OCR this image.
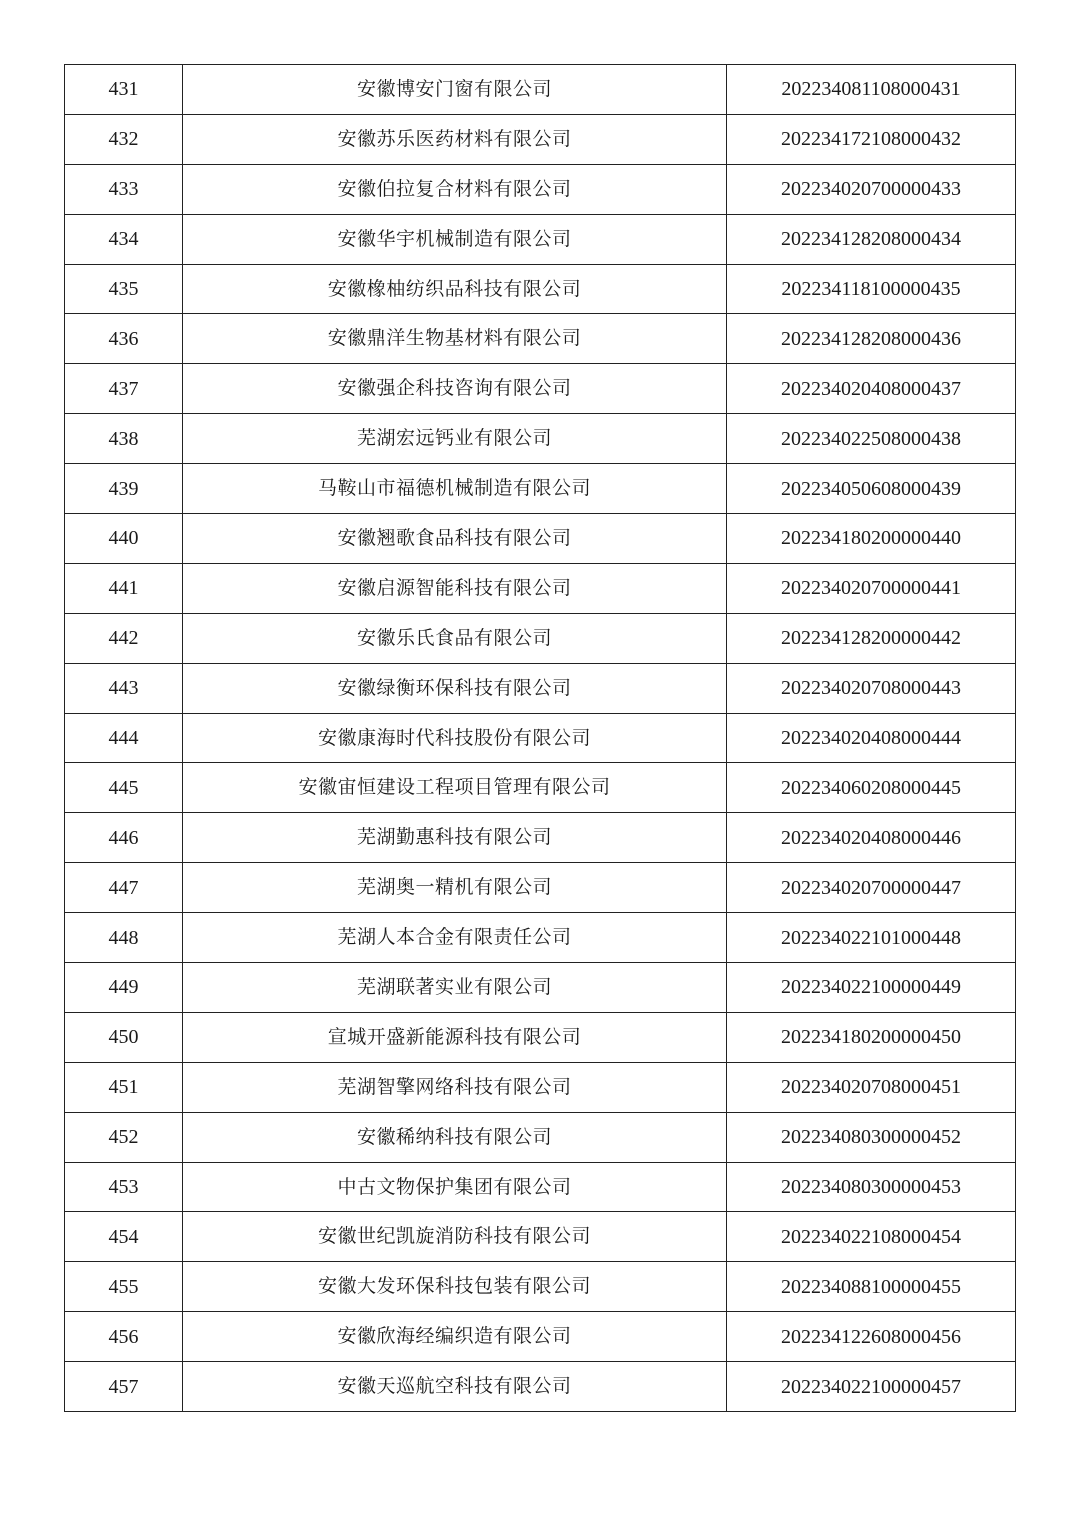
431	安徽博安门窗有限公司	202234081108000431
432	安徽苏乐医药材料有限公司	202234172108000432
433	安徽伯拉复合材料有限公司	202234020700000433
434	安徽华宇机械制造有限公司	202234128208000434
435	安徽橡柚纺织品科技有限公司	202234118100000435
436	安徽鼎洋生物基材料有限公司	202234128208000436
437	安徽强企科技咨询有限公司	202234020408000437
438	芜湖宏远钙业有限公司	202234022508000438
439	马鞍山市福德机械制造有限公司	202234050608000439
440	安徽翘歌食品科技有限公司	202234180200000440
441	安徽启源智能科技有限公司	202234020700000441
442	安徽乐氏食品有限公司	202234128200000442
443	安徽绿衡环保科技有限公司	202234020708000443
444	安徽康海时代科技股份有限公司	202234020408000444
445	安徽宙恒建设工程项目管理有限公司	202234060208000445
446	芜湖勤惠科技有限公司	202234020408000446
447	芜湖奥一精机有限公司	202234020700000447
448	芜湖人本合金有限责任公司	202234022101000448
449	芜湖联著实业有限公司	202234022100000449
450	宣城开盛新能源科技有限公司	202234180200000450
451	芜湖智擎网络科技有限公司	202234020708000451
452	安徽稀纳科技有限公司	202234080300000452
453	中古文物保护集团有限公司	202234080300000453
454	安徽世纪凯旋消防科技有限公司	202234022108000454
455	安徽大发环保科技包装有限公司	202234088100000455
456	安徽欣海经编织造有限公司	202234122608000456
457	安徽天巡航空科技有限公司	202234022100000457
